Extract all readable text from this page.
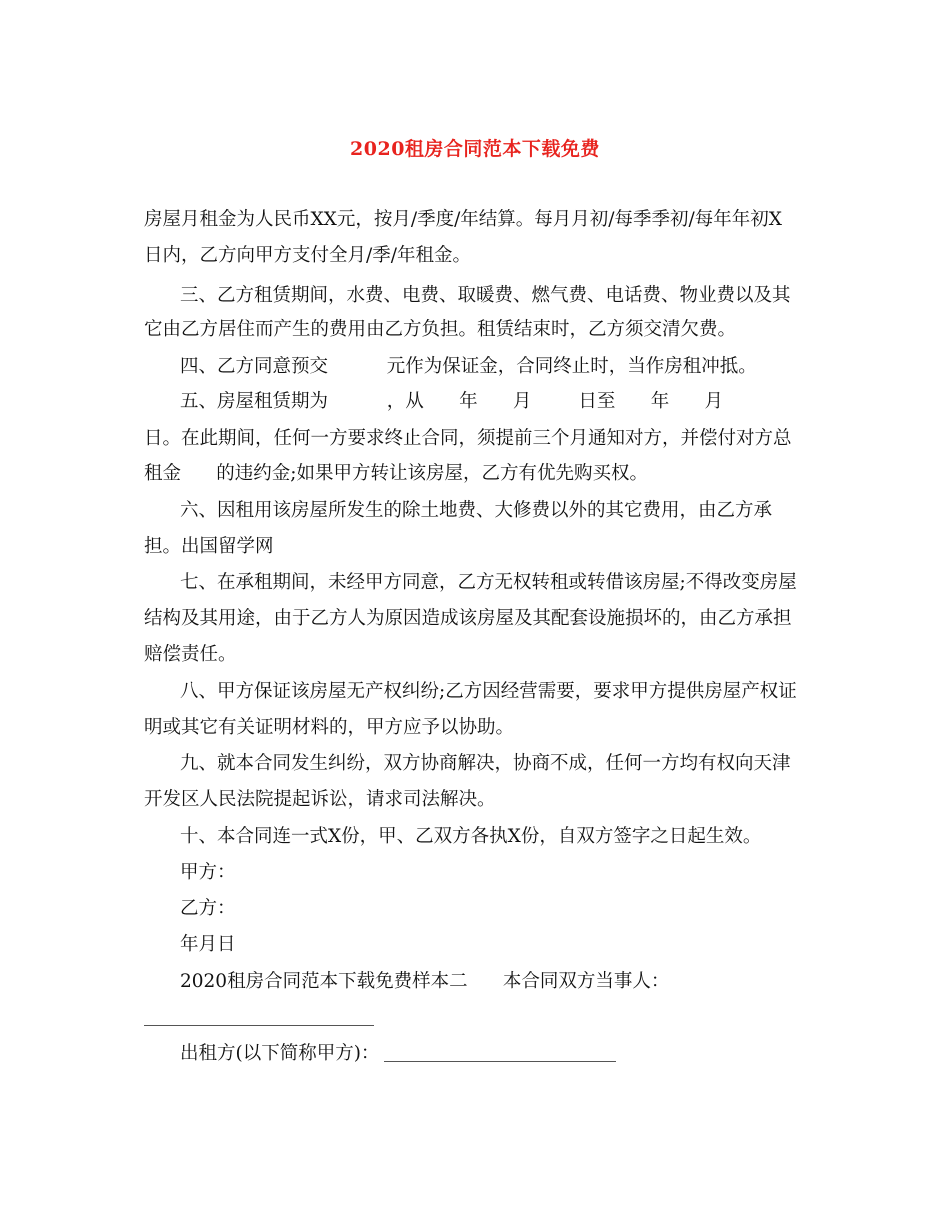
2020租房合同范本下载免费
房屋月租金为人民币XX元，按月/季度/年结算。每月月初/每季季初/每年年初X
日内，乙方向甲方支付全月/季/年租金。
三、乙方租赁期间，水费、电费、取暖费、燃气费、电话费、物业费以及其
它由乙方居住而产生的费用由乙方负担。租赁结束时，乙方须交清欠费。
四、乙方同意预交          元作为保证金，合同终止时，当作房租冲抵。
五、房屋租赁期为          ，从      年      月        日至      年      月
日。在此期间，任何一方要求终止合同，须提前三个月通知对方，并偿付对方总
租金      的违约金;如果甲方转让该房屋，乙方有优先购买权。
六、因租用该房屋所发生的除土地费、大修费以外的其它费用，由乙方承
担。出国留学网
七、在承租期间，未经甲方同意，乙方无权转租或转借该房屋;不得改变房屋
结构及其用途，由于乙方人为原因造成该房屋及其配套设施损坏的，由乙方承担
赔偿责任。
八、甲方保证该房屋无产权纠纷;乙方因经营需要，要求甲方提供房屋产权证
明或其它有关证明材料的，甲方应予以协助。
九、就本合同发生纠纷，双方协商解决，协商不成，任何一方均有权向天津
开发区人民法院提起诉讼，请求司法解决。
十、本合同连一式X份，甲、乙双方各执X份，自双方签字之日起生效。
甲方：
乙方：
年月日
2020租房合同范本下载免费样本二      本合同双方当事人：
出租方(以下简称甲方)：
